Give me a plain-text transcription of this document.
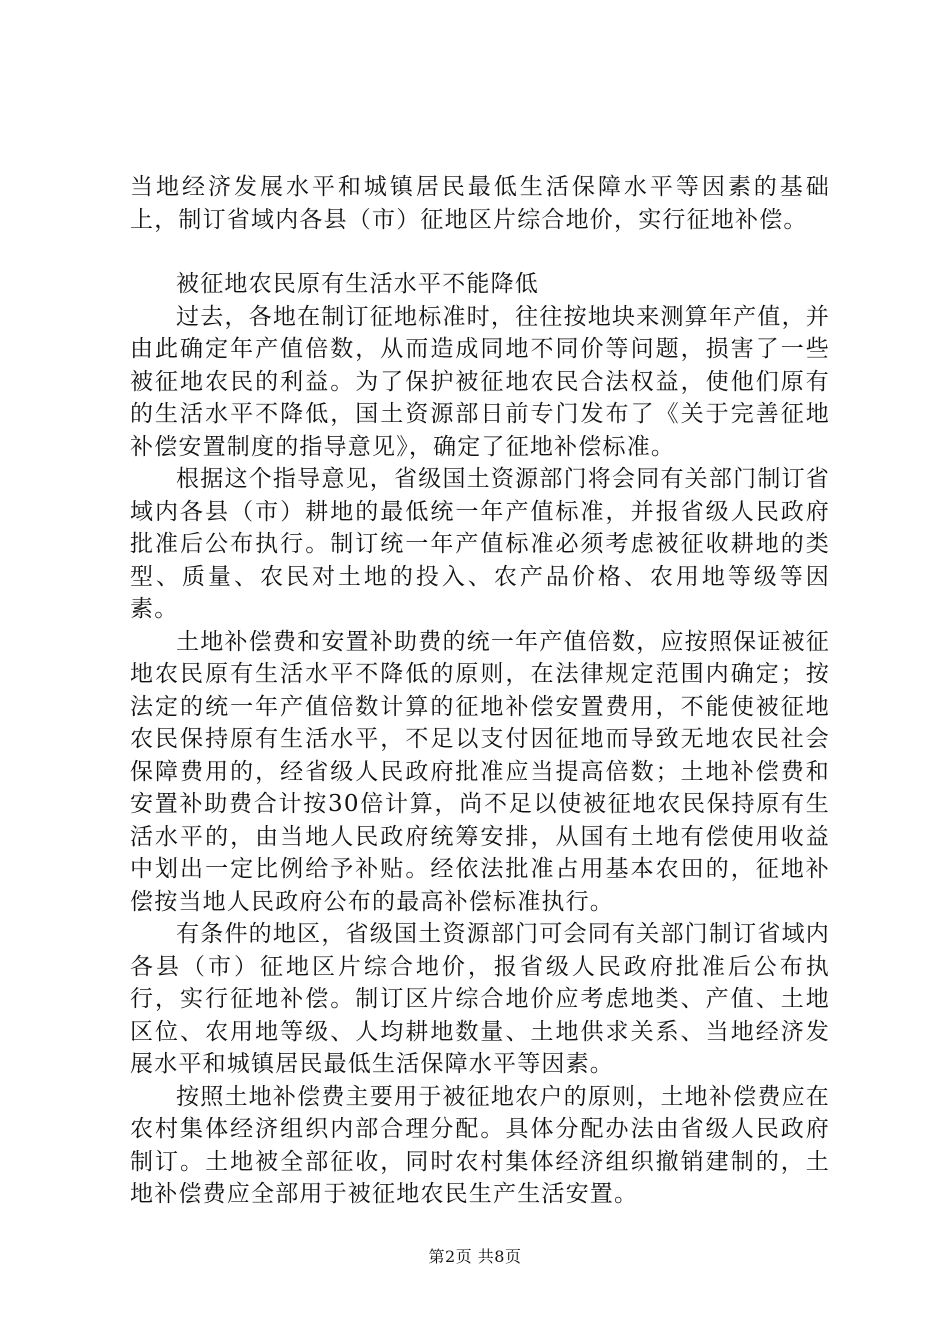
当地经济发展水平和城镇居民最低生活保障水平等因素的基础上，制订省域内各县（市）征地区片综合地价，实行征地补偿。

被征地农民原有生活水平不能降低

过去，各地在制订征地标准时，往往按地块来测算年产值，并由此确定年产值倍数，从而造成同地不同价等问题，损害了一些被征地农民的利益。为了保护被征地农民合法权益，使他们原有的生活水平不降低，国土资源部日前专门发布了《关于完善征地补偿安置制度的指导意见》，确定了征地补偿标准。

根据这个指导意见，省级国土资源部门将会同有关部门制订省域内各县（市）耕地的最低统一年产值标准，并报省级人民政府批准后公布执行。制订统一年产值标准必须考虑被征收耕地的类型、质量、农民对土地的投入、农产品价格、农用地等级等因素。

土地补偿费和安置补助费的统一年产值倍数，应按照保证被征地农民原有生活水平不降低的原则，在法律规定范围内确定；按法定的统一年产值倍数计算的征地补偿安置费用，不能使被征地农民保持原有生活水平，不足以支付因征地而导致无地农民社会保障费用的，经省级人民政府批准应当提高倍数；土地补偿费和安置补助费合计按30倍计算，尚不足以使被征地农民保持原有生活水平的，由当地人民政府统筹安排，从国有土地有偿使用收益中划出一定比例给予补贴。经依法批准占用基本农田的，征地补偿按当地人民政府公布的最高补偿标准执行。

有条件的地区，省级国土资源部门可会同有关部门制订省域内各县（市）征地区片综合地价，报省级人民政府批准后公布执行，实行征地补偿。制订区片综合地价应考虑地类、产值、土地区位、农用地等级、人均耕地数量、土地供求关系、当地经济发展水平和城镇居民最低生活保障水平等因素。

按照土地补偿费主要用于被征地农户的原则，土地补偿费应在农村集体经济组织内部合理分配。具体分配办法由省级人民政府制订。土地被全部征收，同时农村集体经济组织撤销建制的，土地补偿费应全部用于被征地农民生产生活安置。

第2页 共8页
